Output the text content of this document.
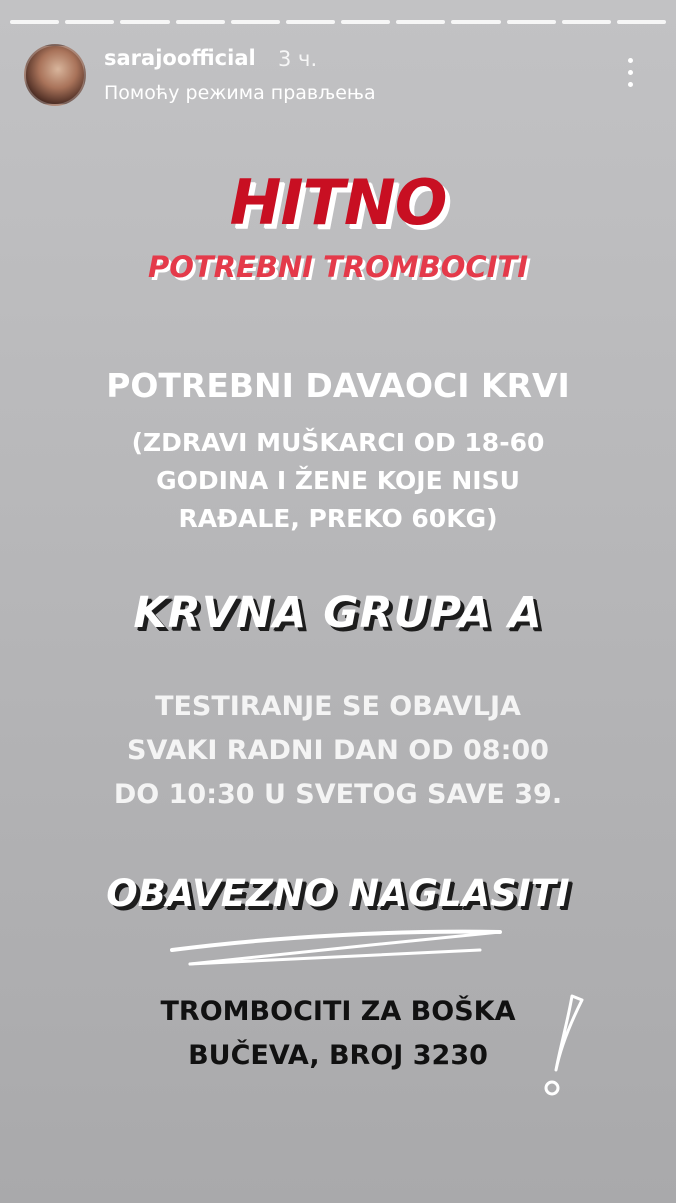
sarajoofficial 3 ч.
Помоћу режима прављења
HITNO
POTREBNI TROMBOCITI
POTREBNI DAVAOCI KRVI
(ZDRAVI MUŠKARCI OD 18-60
GODINA I ŽENE KOJE NISU
RAĐALE, PREKO 60KG)
KRVNA GRUPA A
TESTIRANJE SE OBAVLJA
SVAKI RADNI DAN OD 08:00
DO 10:30 U SVETOG SAVE 39.
OBAVEZNO NAGLASITI
TROMBOCITI ZA BOŠKA
BUČEVA, BROJ 3230
